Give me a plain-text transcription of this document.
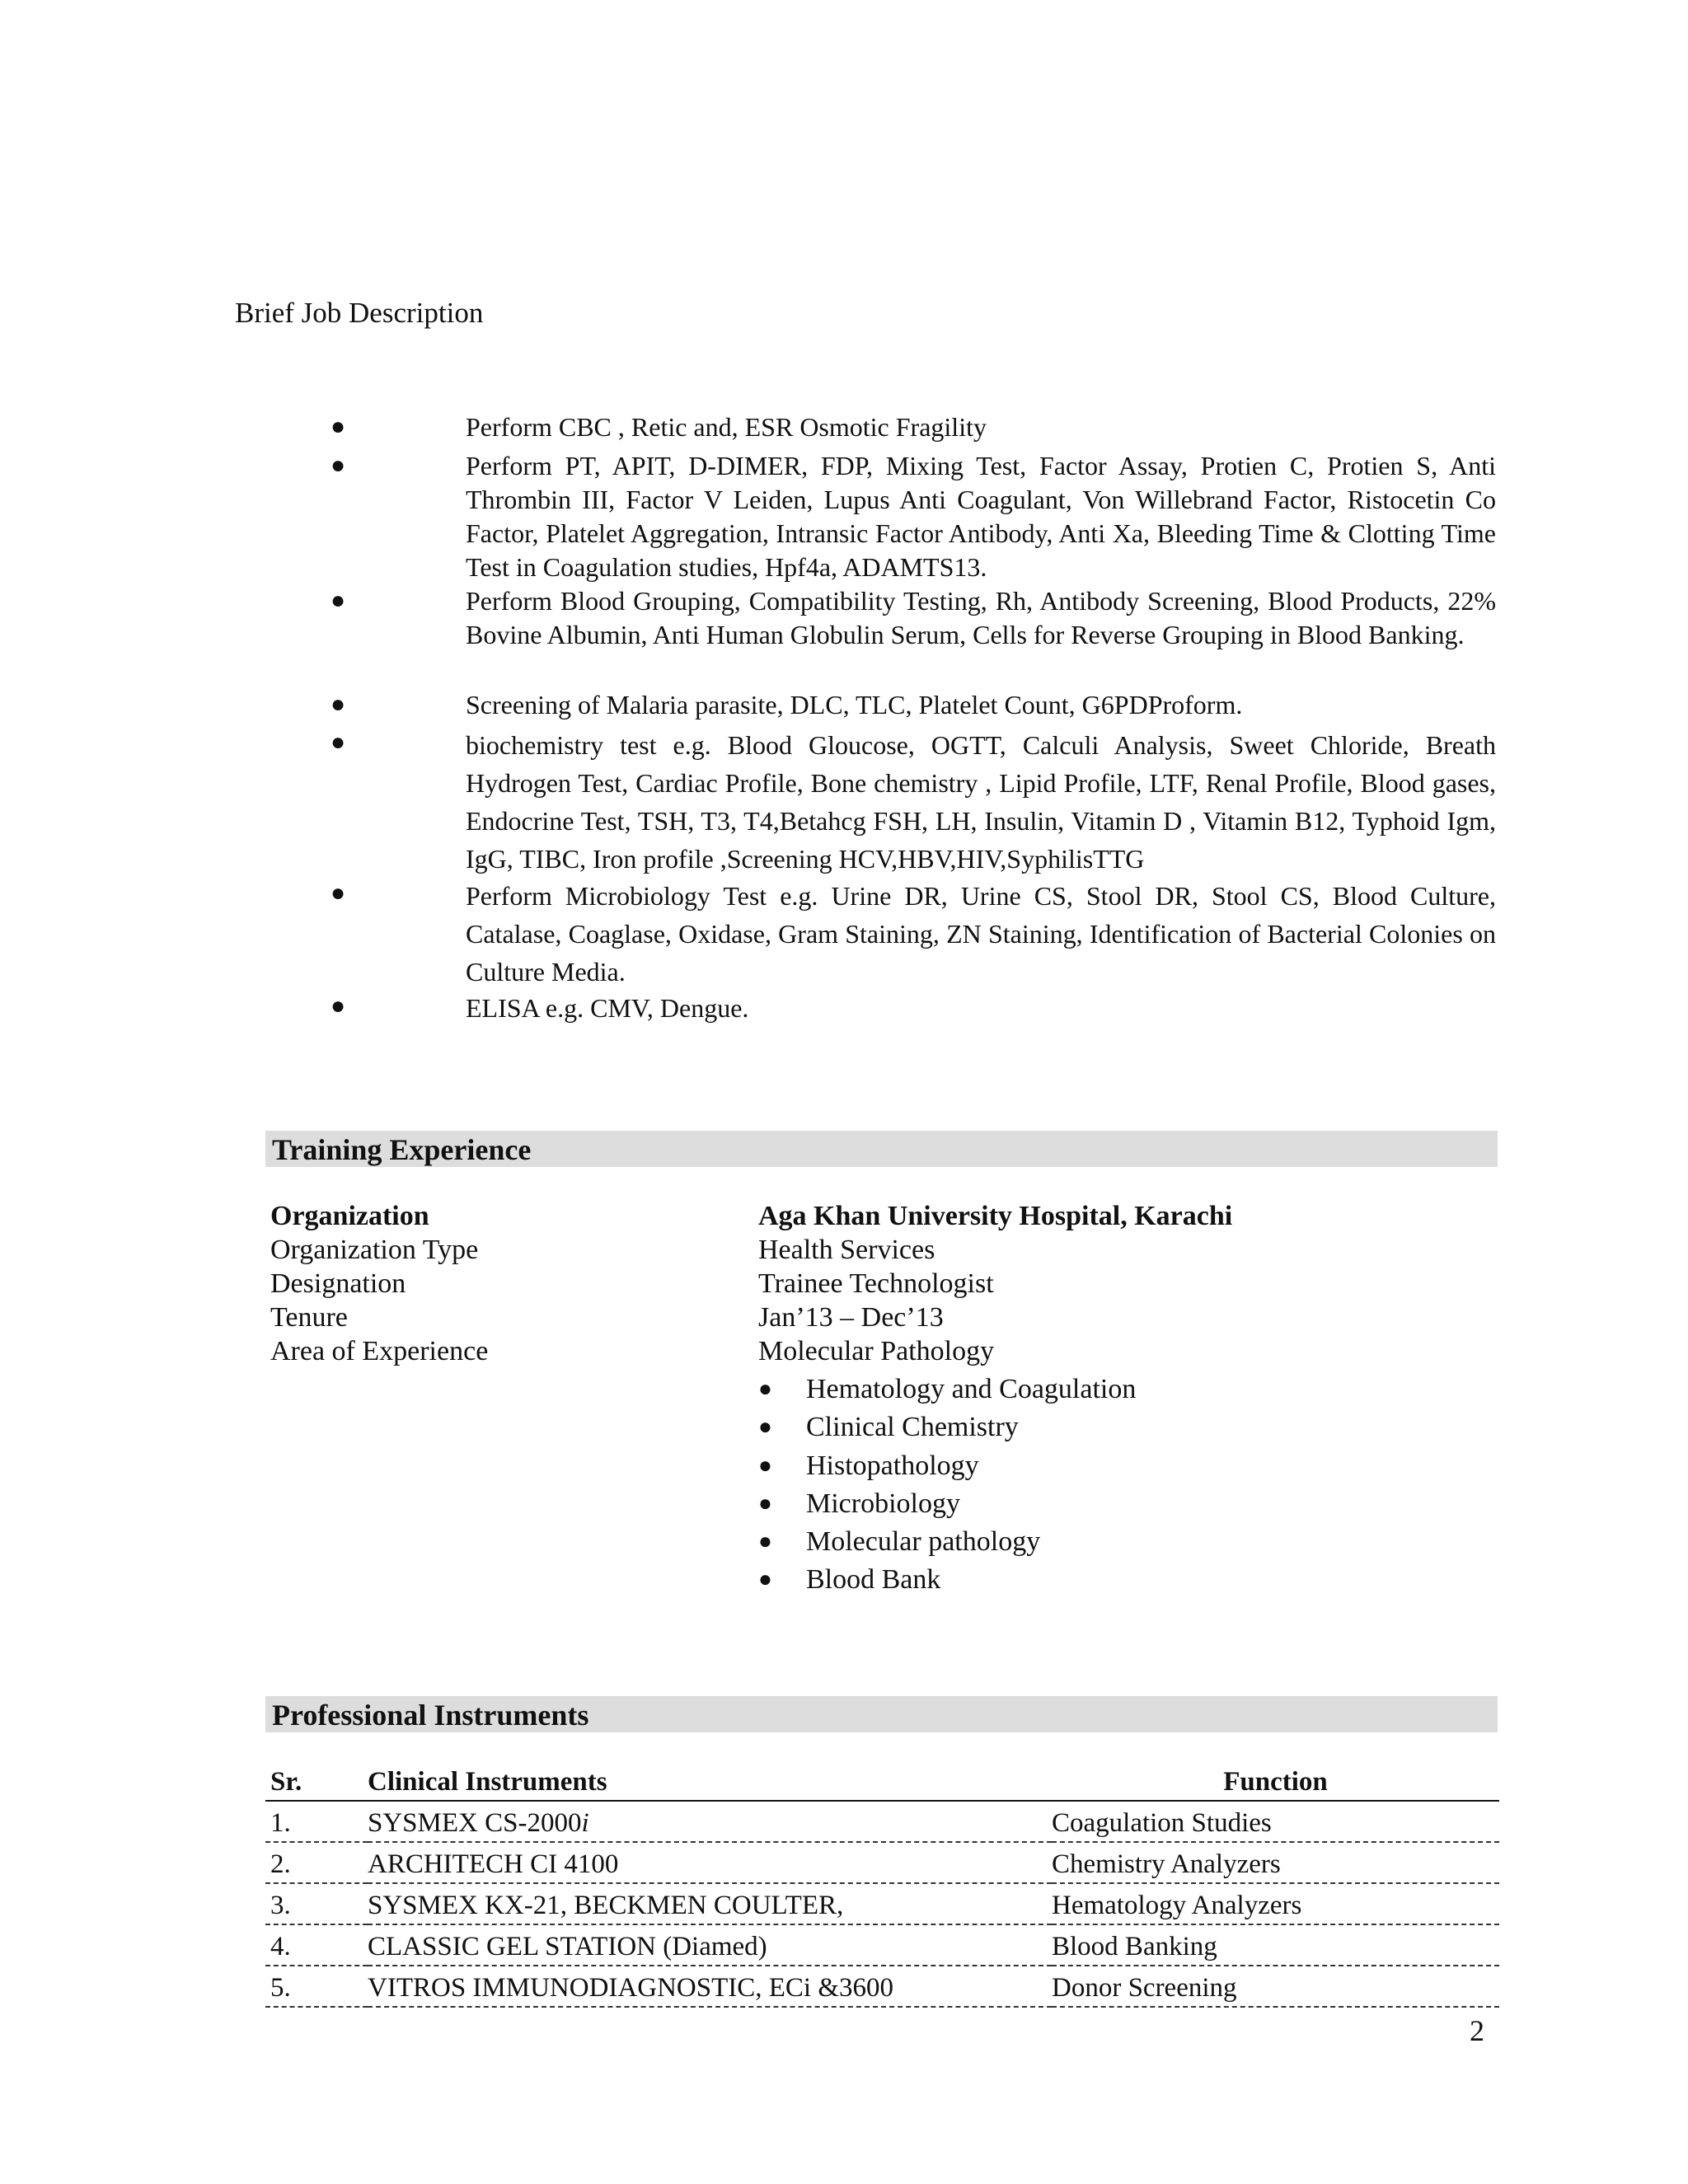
Brief Job Description
●	Perform CBC , Retic and, ESR Osmotic Fragility
●	Perform PT, APIT, D-DIMER, FDP, Mixing Test, Factor Assay, Protien C, Protien S, Anti Thrombin III, Factor V Leiden, Lupus Anti Coagulant, Von Willebrand Factor, Ristocetin Co Factor, Platelet Aggregation, Intransic Factor Antibody, Anti Xa, Bleeding Time & Clotting Time Test in Coagulation studies, Hpf4a, ADAMTS13.
●	Perform Blood Grouping, Compatibility Testing, Rh, Antibody Screening, Blood Products, 22% Bovine Albumin, Anti Human Globulin Serum, Cells for Reverse Grouping in Blood Banking.
●	Screening of Malaria parasite, DLC, TLC, Platelet Count, G6PDProform.
●	biochemistry test e.g. Blood Gloucose, OGTT, Calculi Analysis, Sweet Chloride, Breath Hydrogen Test, Cardiac Profile, Bone chemistry , Lipid Profile, LTF, Renal Profile, Blood gases, Endocrine Test, TSH, T3, T4,Betahcg FSH, LH, Insulin, Vitamin D , Vitamin B12, Typhoid Igm, IgG, TIBC, Iron profile ,Screening HCV,HBV,HIV,SyphilisTTG
●	Perform Microbiology Test e.g. Urine DR, Urine CS, Stool DR, Stool CS, Blood Culture, Catalase, Coaglase, Oxidase, Gram Staining, ZN Staining, Identification of Bacterial Colonies on Culture Media.
●	ELISA e.g. CMV, Dengue.
Training Experience
Organization	Aga Khan University Hospital, Karachi
Organization Type	Health Services
Designation	Trainee Technologist
Tenure	Jan’13 – Dec’13
Area of Experience	Molecular Pathology
● Hematology and Coagulation
● Clinical Chemistry
● Histopathology
● Microbiology
● Molecular pathology
● Blood Bank
Professional Instruments
Sr.	Clinical Instruments	Function
1.	SYSMEX CS-2000i	Coagulation Studies
2.	ARCHITECH CI 4100	Chemistry Analyzers
3.	SYSMEX KX-21, BECKMEN COULTER,	Hematology Analyzers
4.	CLASSIC GEL STATION (Diamed)	Blood Banking
5.	VITROS IMMUNODIAGNOSTIC, ECi &3600	Donor Screening
2
